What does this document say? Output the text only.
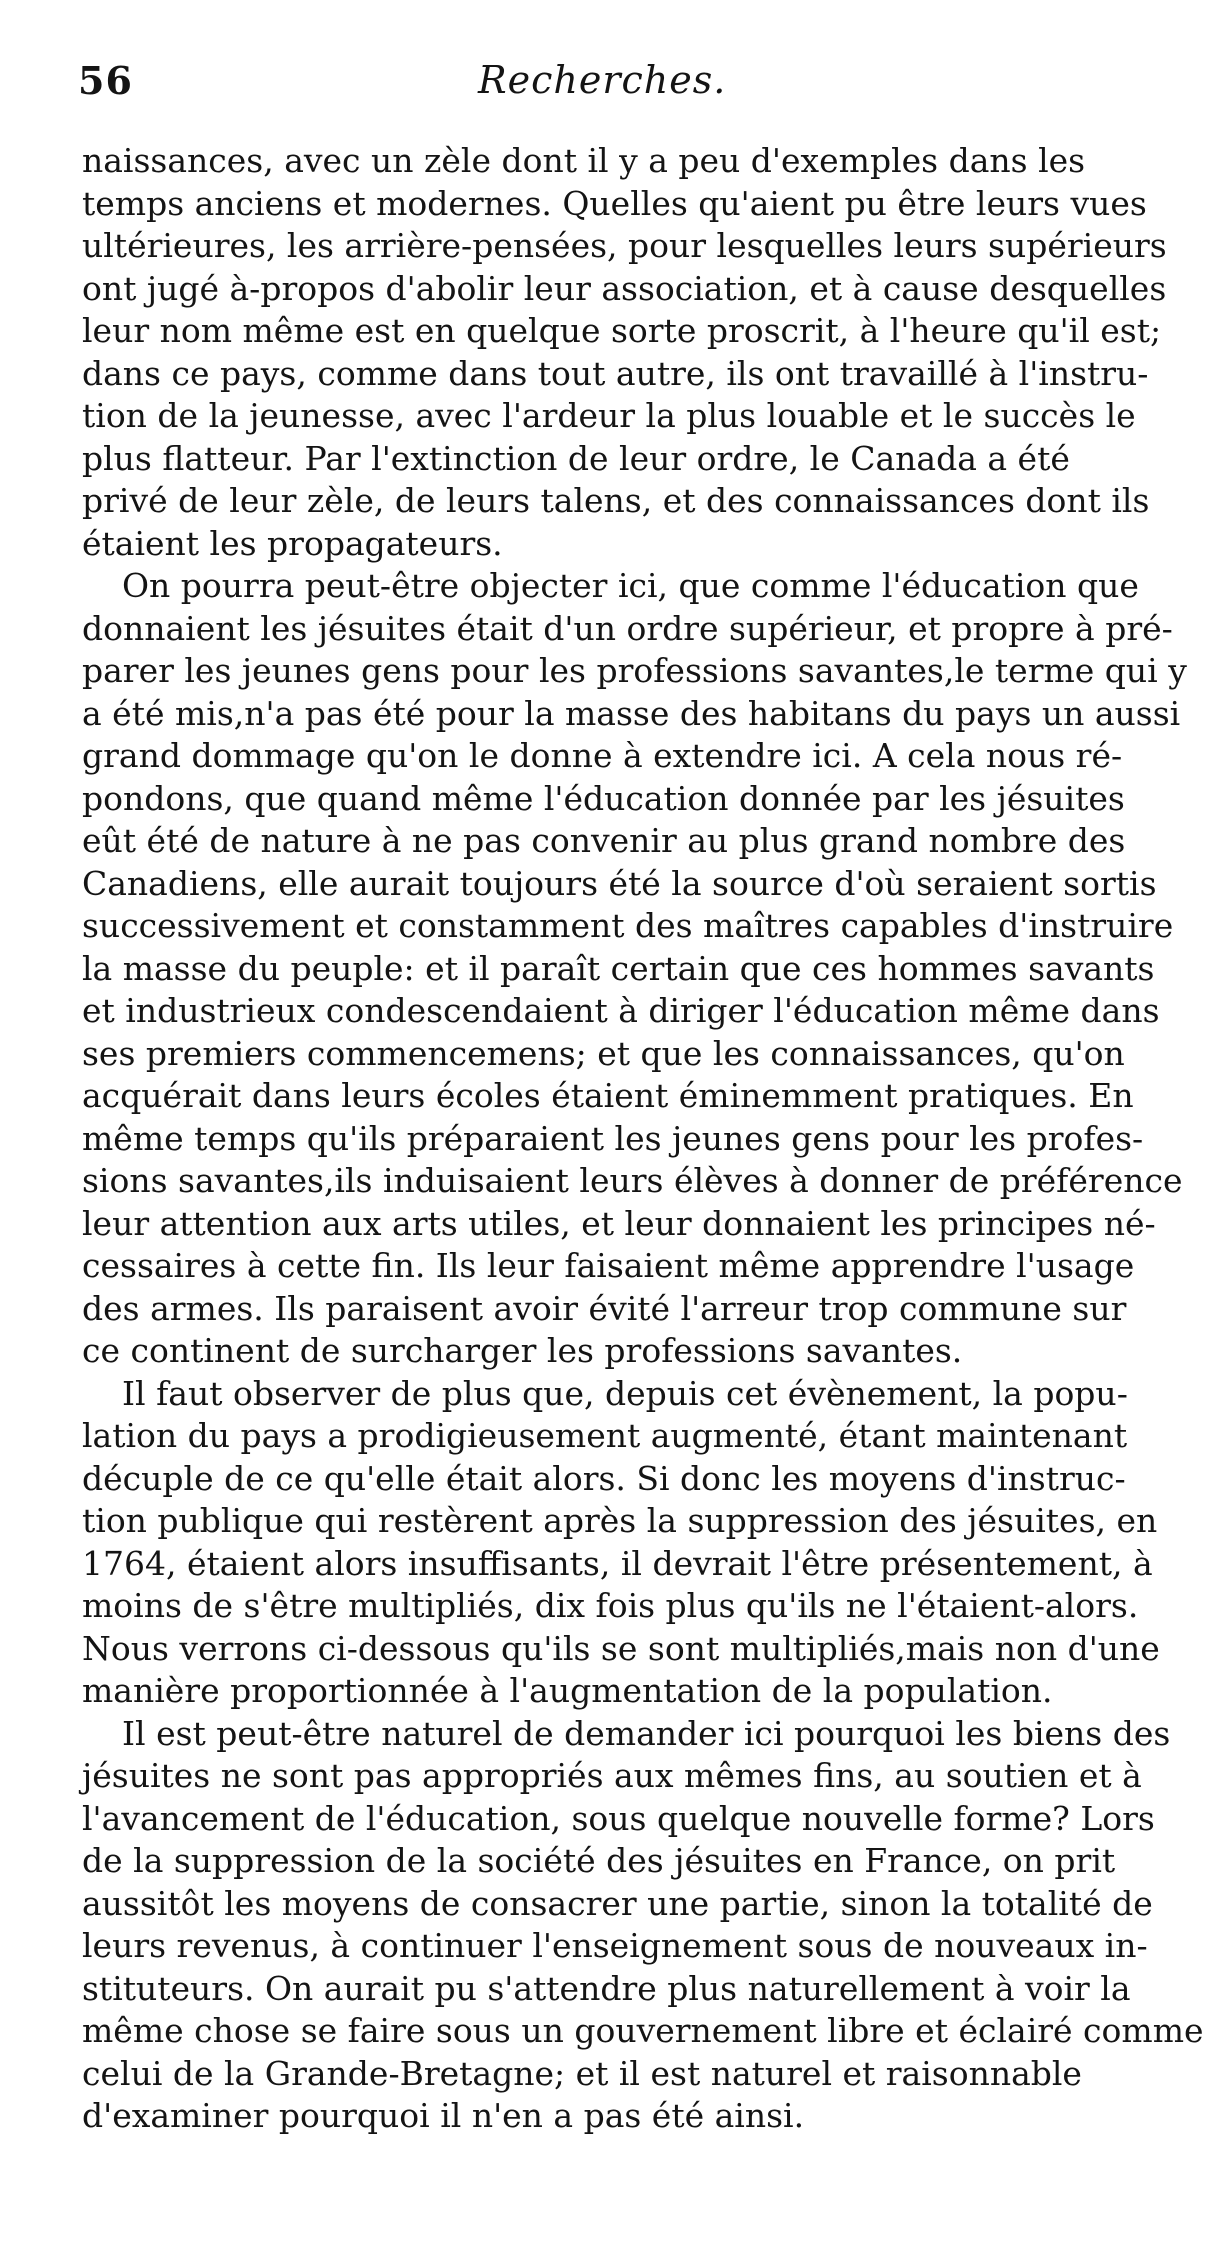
56	Recherches.
naissances, avec un zèle dont il y a peu d'exemples dans les
temps anciens et modernes. Quelles qu'aient pu être leurs vues
ultérieures, les arrière-pensées, pour lesquelles leurs supérieurs
ont jugé à-propos d'abolir leur association, et à cause desquelles
leur nom même est en quelque sorte proscrit, à l'heure qu'il est;
dans ce pays, comme dans tout autre, ils ont travaillé à l'instru-
tion de la jeunesse, avec l'ardeur la plus louable et le succès le
plus flatteur. Par l'extinction de leur ordre, le Canada a été
privé de leur zèle, de leurs talens, et des connaissances dont ils
étaient les propagateurs.
On pourra peut-être objecter ici, que comme l'éducation que
donnaient les jésuites était d'un ordre supérieur, et propre à pré-
parer les jeunes gens pour les professions savantes,le terme qui y
a été mis,n'a pas été pour la masse des habitans du pays un aussi
grand dommage qu'on le donne à extendre ici. A cela nous ré-
pondons, que quand même l'éducation donnée par les jésuites
eût été de nature à ne pas convenir au plus grand nombre des
Canadiens, elle aurait toujours été la source d'où seraient sortis
successivement et constamment des maîtres capables d'instruire
la masse du peuple: et il paraît certain que ces hommes savants
et industrieux condescendaient à diriger l'éducation même dans
ses premiers commencemens; et que les connaissances, qu'on
acquérait dans leurs écoles étaient éminemment pratiques. En
même temps qu'ils préparaient les jeunes gens pour les profes-
sions savantes,ils induisaient leurs élèves à donner de préférence
leur attention aux arts utiles, et leur donnaient les principes né-
cessaires à cette fin. Ils leur faisaient même apprendre l'usage
des armes. Ils paraisent avoir évité l'arreur trop commune sur
ce continent de surcharger les professions savantes.
Il faut observer de plus que, depuis cet évènement, la popu-
lation du pays a prodigieusement augmenté, étant maintenant
décuple de ce qu'elle était alors. Si donc les moyens d'instruc-
tion publique qui restèrent après la suppression des jésuites, en
1764, étaient alors insuffisants, il devrait l'être présentement, à
moins de s'être multipliés, dix fois plus qu'ils ne l'étaient-alors.
Nous verrons ci-dessous qu'ils se sont multipliés,mais non d'une
manière proportionnée à l'augmentation de la population.
Il est peut-être naturel de demander ici pourquoi les biens des
jésuites ne sont pas appropriés aux mêmes fins, au soutien et à
l'avancement de l'éducation, sous quelque nouvelle forme? Lors
de la suppression de la société des jésuites en France, on prit
aussitôt les moyens de consacrer une partie, sinon la totalité de
leurs revenus, à continuer l'enseignement sous de nouveaux in-
stituteurs. On aurait pu s'attendre plus naturellement à voir la
même chose se faire sous un gouvernement libre et éclairé comme
celui de la Grande-Bretagne; et il est naturel et raisonnable
d'examiner pourquoi il n'en a pas été ainsi.
